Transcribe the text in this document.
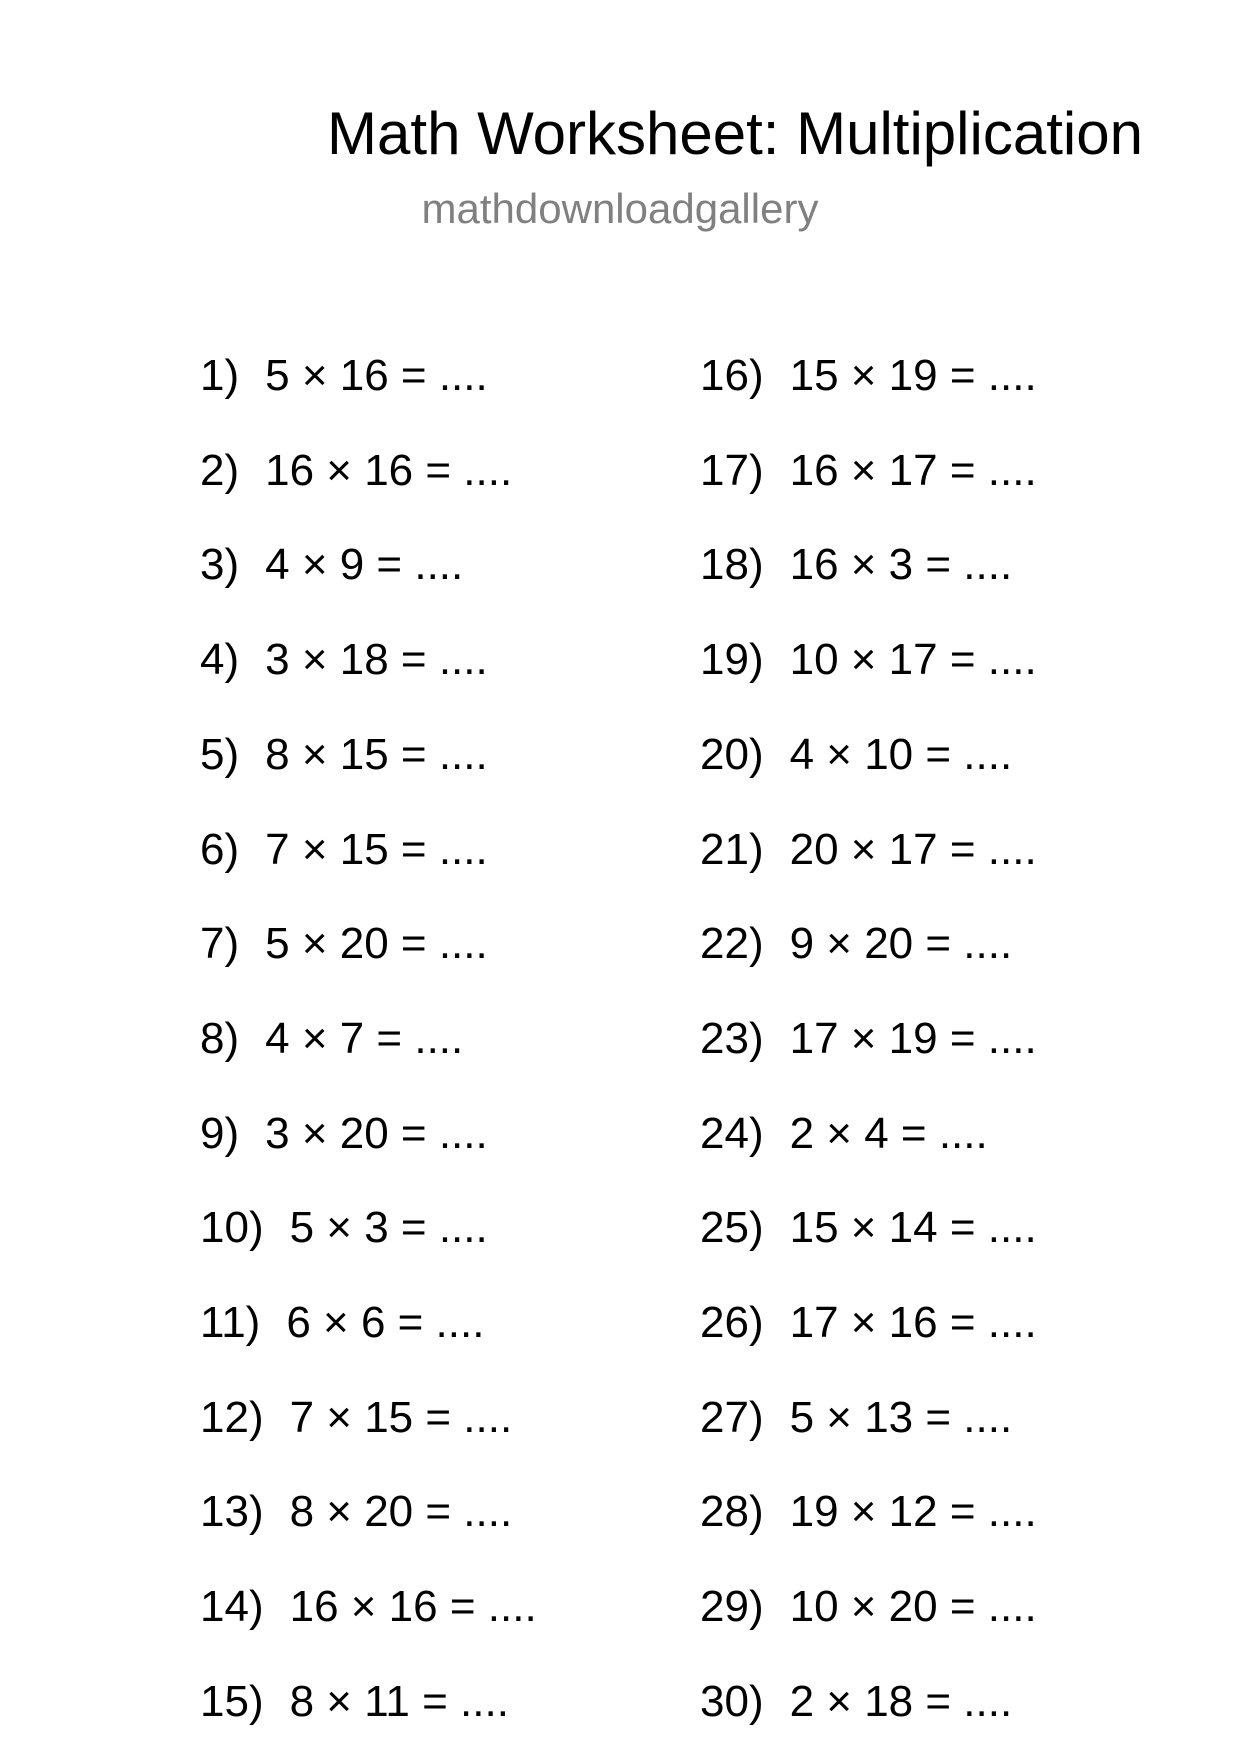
Math Worksheet: Multiplication
mathdownloadgallery
1) 5 × 16 = ....
2) 16 × 16 = ....
3) 4 × 9 = ....
4) 3 × 18 = ....
5) 8 × 15 = ....
6) 7 × 15 = ....
7) 5 × 20 = ....
8) 4 × 7 = ....
9) 3 × 20 = ....
10) 5 × 3 = ....
11) 6 × 6 = ....
12) 7 × 15 = ....
13) 8 × 20 = ....
14) 16 × 16 = ....
15) 8 × 11 = ....
16) 15 × 19 = ....
17) 16 × 17 = ....
18) 16 × 3 = ....
19) 10 × 17 = ....
20) 4 × 10 = ....
21) 20 × 17 = ....
22) 9 × 20 = ....
23) 17 × 19 = ....
24) 2 × 4 = ....
25) 15 × 14 = ....
26) 17 × 16 = ....
27) 5 × 13 = ....
28) 19 × 12 = ....
29) 10 × 20 = ....
30) 2 × 18 = ....
